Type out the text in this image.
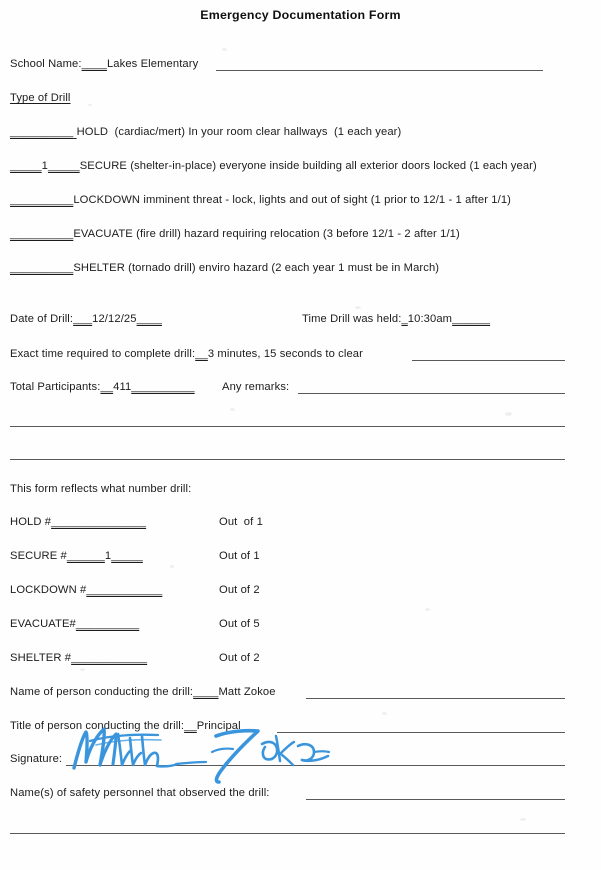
Emergency Documentation Form
School Name:____Lakes Elementary
Type of Drill
__________ HOLD  (cardiac/mert) In your room clear hallways  (1 each year)
_____1_____SECURE (shelter-in-place) everyone inside building all exterior doors locked (1 each year)
__________LOCKDOWN imminent threat - lock, lights and out of sight (1 prior to 12/1 - 1 after 1/1)
__________EVACUATE (fire drill) hazard requiring relocation (3 before 12/1 - 2 after 1/1)
__________SHELTER (tornado drill) enviro hazard (2 each year 1 must be in March)
Date of Drill:___12/12/25____	Time Drill was held:_10:30am______
Exact time required to complete drill:__3 minutes, 15 seconds to clear
Total Participants:__411__________ Any remarks:
This form reflects what number drill:
HOLD #_______________	Out  of 1
SECURE #______1_____	Out of 1
LOCKDOWN #____________	Out of 2
EVACUATE#__________	Out of 5
SHELTER #____________	Out of 2
Name of person conducting the drill:____Matt Zokoe
Title of person conducting the drill:__Principal
Signature:
Name(s) of safety personnel that observed the drill:
